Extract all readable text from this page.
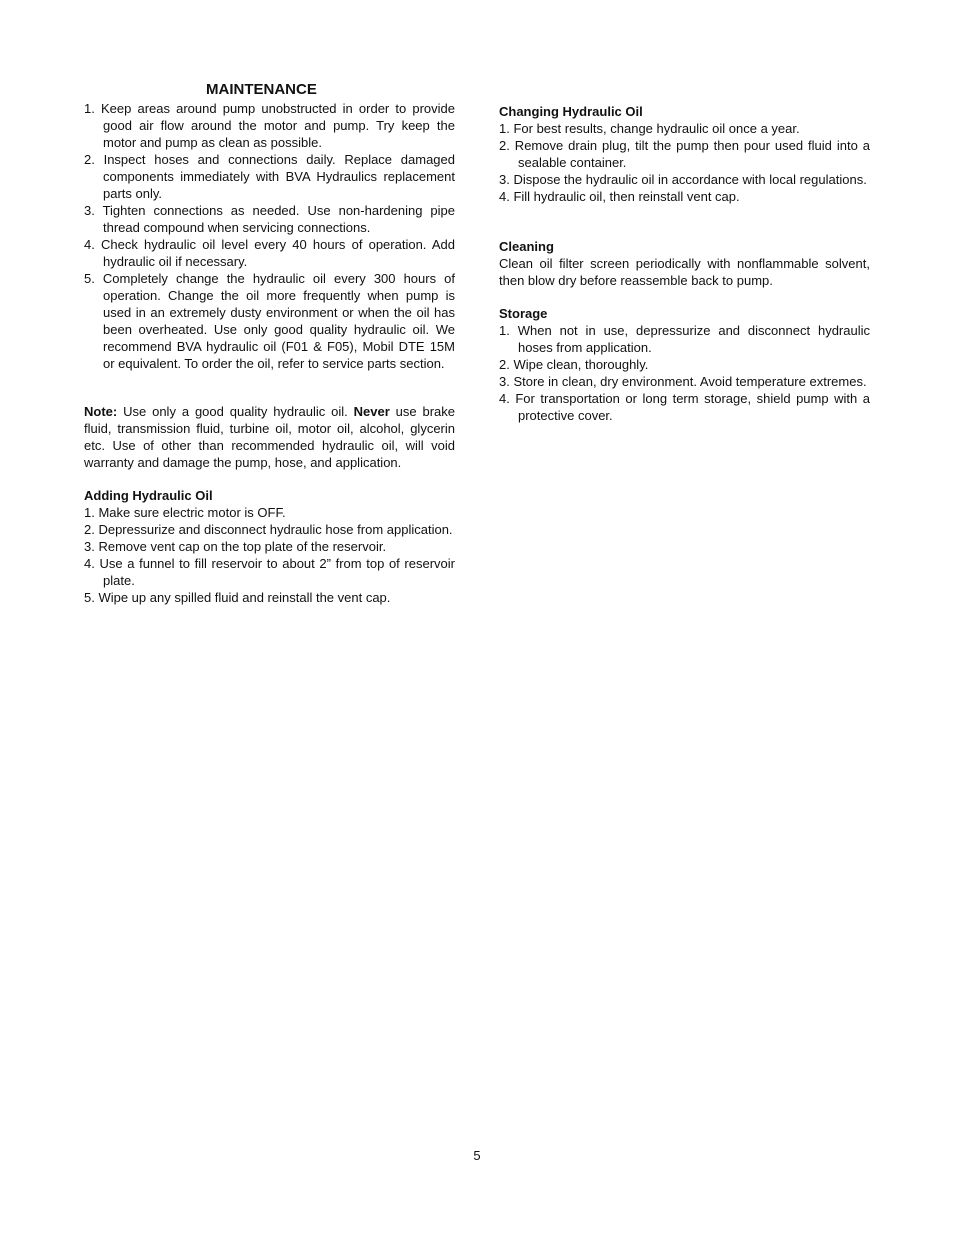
MAINTENANCE
1. Keep areas around pump unobstructed in order to provide good air flow around the motor and pump. Try keep the motor and pump as clean as possible.
2. Inspect hoses and connections daily. Replace damaged components immediately with BVA Hydraulics replacement parts only.
3. Tighten connections as needed. Use non-hardening pipe thread compound when servicing connections.
4. Check hydraulic oil level every 40 hours of operation. Add hydraulic oil if necessary.
5. Completely change the hydraulic oil every 300 hours of operation. Change the oil more frequently when pump is used in an extremely dusty environment or when the oil has been overheated. Use only good quality hydraulic oil. We recommend BVA hydraulic oil (F01 & F05), Mobil DTE 15M or equivalent. To order the oil, refer to service parts section.

Note: Use only a good quality hydraulic oil. Never use brake fluid, transmission fluid, turbine oil, motor oil, alcohol, glycerin etc. Use of other than recommended hydraulic oil, will void warranty and damage the pump, hose, and application.

Adding Hydraulic Oil

1. Make sure electric motor is OFF.
2. Depressurize and disconnect hydraulic hose from application.
3. Remove vent cap on the top plate of the reservoir.
4. Use a funnel to fill reservoir to about 2” from top of reservoir plate.
5. Wipe up any spilled fluid and reinstall the vent cap.

Changing Hydraulic Oil

1. For best results, change hydraulic oil once a year.
2. Remove drain plug, tilt the pump then pour used fluid into a sealable container.
3. Dispose the hydraulic oil in accordance with local regulations.
4. Fill hydraulic oil, then reinstall vent cap.

Cleaning

Clean oil filter screen periodically with nonflammable solvent, then blow dry before reassemble back to pump.

Storage

1. When not in use, depressurize and disconnect hydraulic hoses from application.
2. Wipe clean, thoroughly.
3. Store in clean, dry environment. Avoid temperature extremes.
4. For transportation or long term storage, shield pump with a protective cover.
5
